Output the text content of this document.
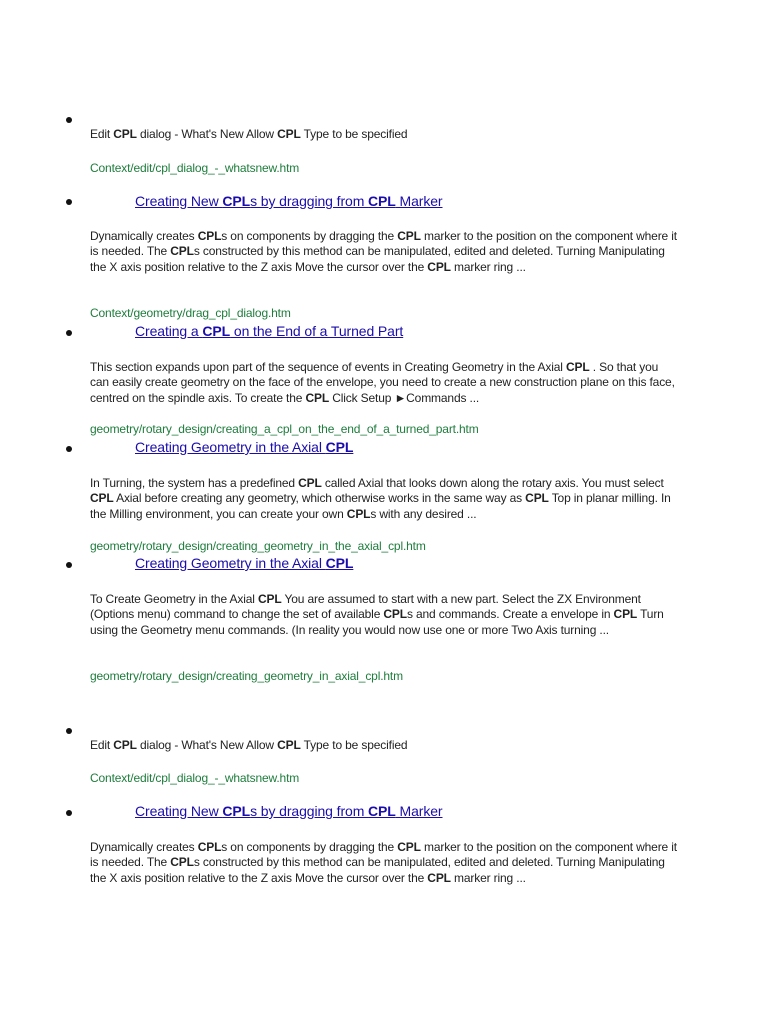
Edit CPL dialog - What's New Allow CPL Type to be specified
Context/edit/cpl_dialog_-_whatsnew.htm
Creating New CPLs by dragging from CPL Marker
Dynamically creates CPLs on components by dragging the CPL marker to the position on the component where it is needed. The CPLs constructed by this method can be manipulated, edited and deleted. Turning Manipulating the X axis position relative to the Z axis Move the cursor over the CPL marker ring ...
Context/geometry/drag_cpl_dialog.htm
Creating a CPL on the End of a Turned Part
This section expands upon part of the sequence of events in Creating Geometry in the Axial CPL . So that you can easily create geometry on the face of the envelope, you need to create a new construction plane on this face, centred on the spindle axis. To create the CPL Click Setup ►Commands ...
geometry/rotary_design/creating_a_cpl_on_the_end_of_a_turned_part.htm
Creating Geometry in the Axial CPL
In Turning, the system has a predefined CPL called Axial that looks down along the rotary axis. You must select CPL Axial before creating any geometry, which otherwise works in the same way as CPL Top in planar milling. In the Milling environment, you can create your own CPLs with any desired ...
geometry/rotary_design/creating_geometry_in_the_axial_cpl.htm
Creating Geometry in the Axial CPL
To Create Geometry in the Axial CPL You are assumed to start with a new part. Select the ZX Environment (Options menu) command to change the set of available CPLs and commands. Create a envelope in CPL Turn using the Geometry menu commands. (In reality you would now use one or more Two Axis turning ...
geometry/rotary_design/creating_geometry_in_axial_cpl.htm
Edit CPL dialog - What's New Allow CPL Type to be specified
Context/edit/cpl_dialog_-_whatsnew.htm
Creating New CPLs by dragging from CPL Marker
Dynamically creates CPLs on components by dragging the CPL marker to the position on the component where it is needed. The CPLs constructed by this method can be manipulated, edited and deleted. Turning Manipulating the X axis position relative to the Z axis Move the cursor over the CPL marker ring ...
